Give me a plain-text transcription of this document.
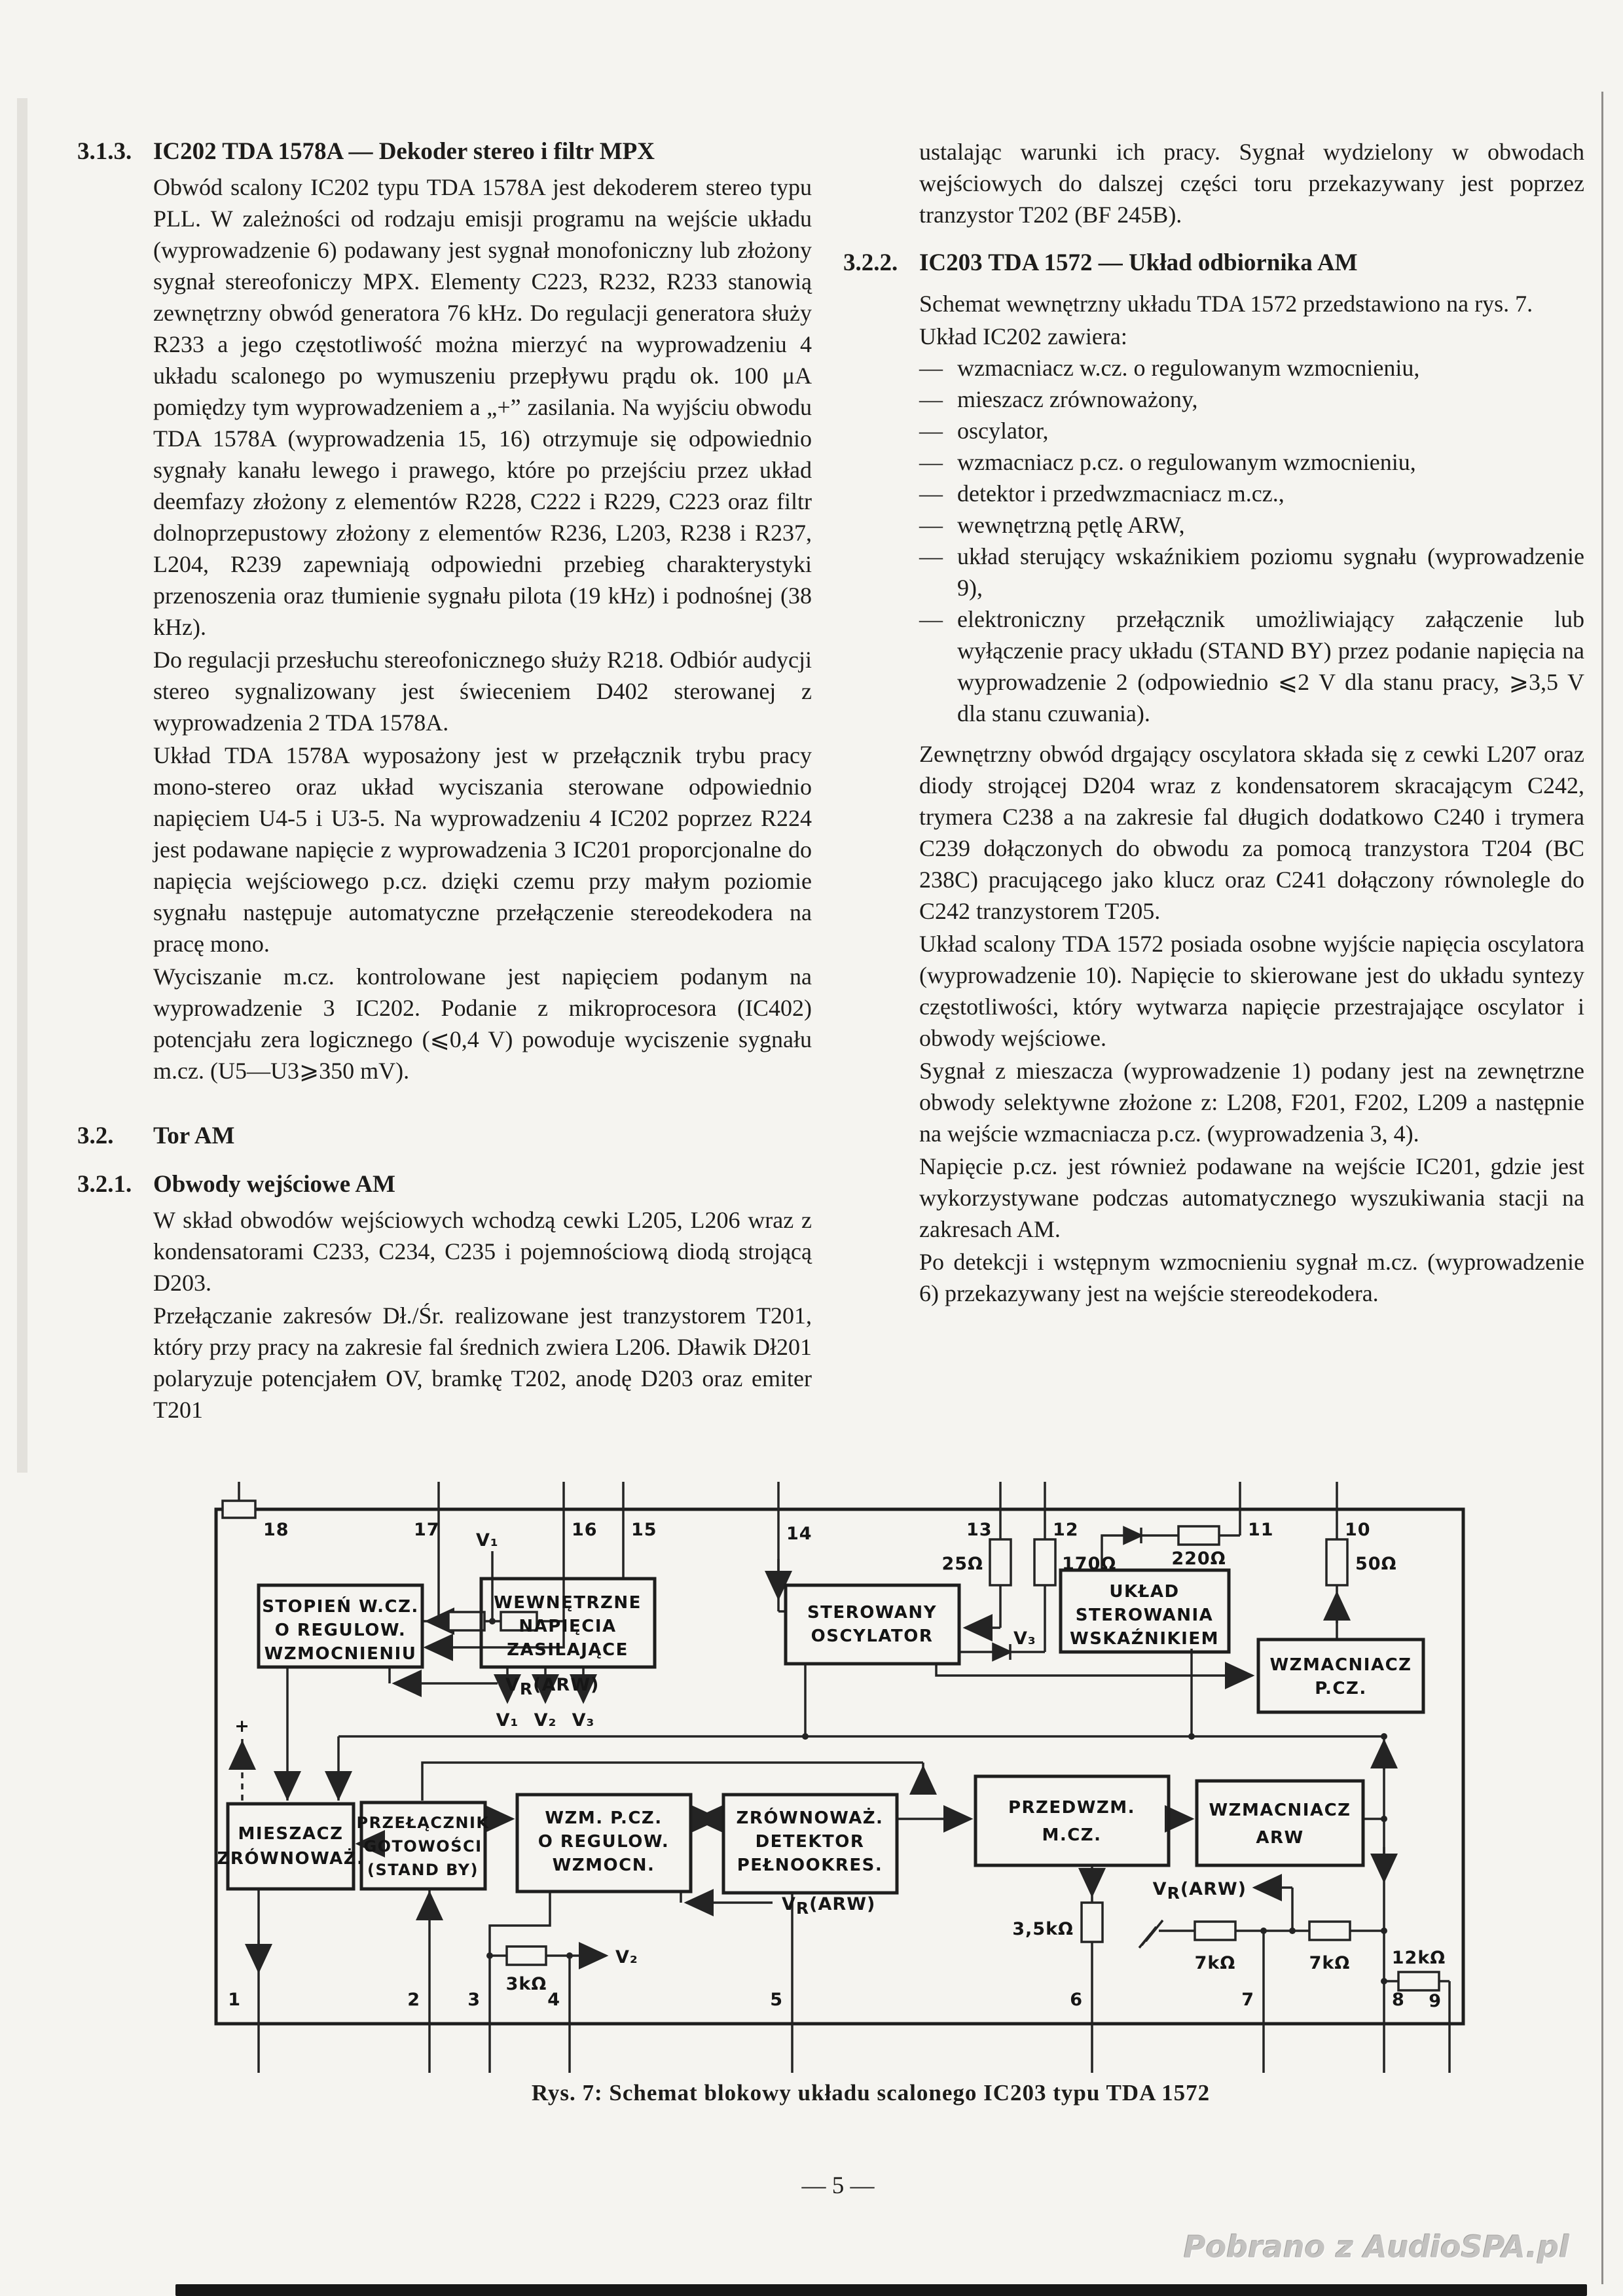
3.1.3. IC202 TDA 1578A — Dekoder stereo i filtr MPX

Obwód scalony IC202 typu TDA 1578A jest dekoderem stereo typu PLL. W zależności od rodzaju emisji programu na wejście układu (wyprowadzenie 6) podawany jest sygnał monofoniczny lub złożony sygnał stereofoniczy MPX. Elementy C223, R232, R233 stanowią zewnętrzny obwód generatora 76 kHz. Do regulacji generatora służy R233 a jego częstotliwość można mierzyć na wyprowadzeniu 4 układu scalonego po wymuszeniu przepływu prądu ok. 100 μA pomiędzy tym wyprowadzeniem a „+” zasilania. Na wyjściu obwodu TDA 1578A (wyprowadzenia 15, 16) otrzymuje się odpowiednio sygnały kanału lewego i prawego, które po przejściu przez układ deemfazy złożony z elementów R228, C222 i R229, C223 oraz filtr dolnoprzepustowy złożony z elementów R236, L203, R238 i R237, L204, R239 zapewniają odpowiedni przebieg charakterystyki przenoszenia oraz tłumienie sygnału pilota (19 kHz) i podnośnej (38 kHz).

Do regulacji przesłuchu stereofonicznego służy R218. Odbiór audycji stereo sygnalizowany jest świeceniem D402 sterowanej z wyprowadzenia 2 TDA 1578A.

Układ TDA 1578A wyposażony jest w przełącznik trybu pracy mono-stereo oraz układ wyciszania sterowane odpowiednio napięciem U4-5 i U3-5. Na wyprowadzeniu 4 IC202 poprzez R224 jest podawane napięcie z wyprowadzenia 3 IC201 proporcjonalne do napięcia wejściowego p.cz. dzięki czemu przy małym poziomie sygnału następuje automatyczne przełączenie stereodekodera na pracę mono.

Wyciszanie m.cz. kontrolowane jest napięciem podanym na wyprowadzenie 3 IC202. Podanie z mikroprocesora (IC402) potencjału zera logicznego (⩽0,4 V) powoduje wyciszenie sygnału m.cz. (U5—U3⩾350 mV).

3.2. Tor AM
3.2.1. Obwody wejściowe AM

W skład obwodów wejściowych wchodzą cewki L205, L206 wraz z kondensatorami C233, C234, C235 i pojemnościową diodą strojącą D203.

Przełączanie zakresów Dł./Śr. realizowane jest tranzystorem T201, który przy pracy na zakresie fal średnich zwiera L206. Dławik Dł201 polaryzuje potencjałem OV, bramkę T202, anodę D203 oraz emiter T201

ustalając warunki ich pracy. Sygnał wydzielony w obwodach wejściowych do dalszej części toru przekazywany jest poprzez tranzystor T202 (BF 245B).

3.2.2. IC203 TDA 1572 — Układ odbiornika AM

Schemat wewnętrzny układu TDA 1572 przedstawiono na rys. 7.

Układ IC202 zawiera:

— wzmacniacz w.cz. o regulowanym wzmocnieniu,

— mieszacz zrównoważony,

— oscylator,

— wzmacniacz p.cz. o regulowanym wzmocnieniu,

— detektor i przedwzmacniacz m.cz.,

— wewnętrzną pętlę ARW,

— układ sterujący wskaźnikiem poziomu sygnału (wyprowadzenie 9),

— elektroniczny przełącznik umożliwiający załączenie lub wyłączenie pracy układu (STAND BY) przez podanie napięcia na wyprowadzenie 2 (odpowiednio ⩽2 V dla stanu pracy, ⩾3,5 V dla stanu czuwania).

Zewnętrzny obwód drgający oscylatora składa się z cewki L207 oraz diody strojącej D204 wraz z kondensatorem skracającym C242, trymera C238 a na zakresie fal długich dodatkowo C240 i trymera C239 dołączonych do obwodu za pomocą tranzystora T204 (BC 238C) pracującego jako klucz oraz C241 dołączony równolegle do C242 tranzystorem T205.

Układ scalony TDA 1572 posiada osobne wyjście napięcia oscylatora (wyprowadzenie 10). Napięcie to skierowane jest do układu syntezy częstotliwości, który wytwarza napięcie przestrajające oscylator i obwody wejściowe.

Sygnał z mieszacza (wyprowadzenie 1) podany jest na zewnętrzne obwody selektywne złożone z: L208, F201, F202, L209 a następnie na wejście wzmacniacza p.cz. (wyprowadzenia 3, 4).

Napięcie p.cz. jest również podawane na wejście IC201, gdzie jest wykorzystywane podczas automatycznego wyszukiwania stacji na zakresach AM.

Po detekcji i wstępnym wzmocnieniu sygnał m.cz. (wyprowadzenie 6) przekazywany jest na wejście stereodekodera.

STOPIEŃ W.CZ. O REGULOW. WZMOCNIENIU
WEWNĘTRZNE NAPIĘCIA ZASILAJĄCE
STEROWANY OSCYLATOR
UKŁAD STEROWANIA WSKAŹNIKIEM
WZMACNIACZ P.CZ.
MIESZACZ ZRÓWNOWAŻ.
PRZEŁĄCZNIK GOTOWOŚCI (STAND BY)
WZM. P.CZ. O REGULOW. WZMOCN.
ZRÓWNOWAŻ. DETEKTOR PEŁNOOKRES.
PRZEDWZM. M.CZ.
WZMACNIACZ ARW
18	17	16 15	14	13	12	11	10
1	2	3	4	5	6	7	8 9
25Ω	170Ω	220Ω	50Ω
3kΩ
3,5kΩ
7kΩ	7kΩ 12kΩ
V₁
V₁ V₂ V₃
V₃
V₂
+
VR(ARW)
VR(ARW)
VR(ARW)
Rys. 7: Schemat blokowy układu scalonego IC203 typu TDA 1572
— 5 —
Pobrano z AudioSPA.pl
